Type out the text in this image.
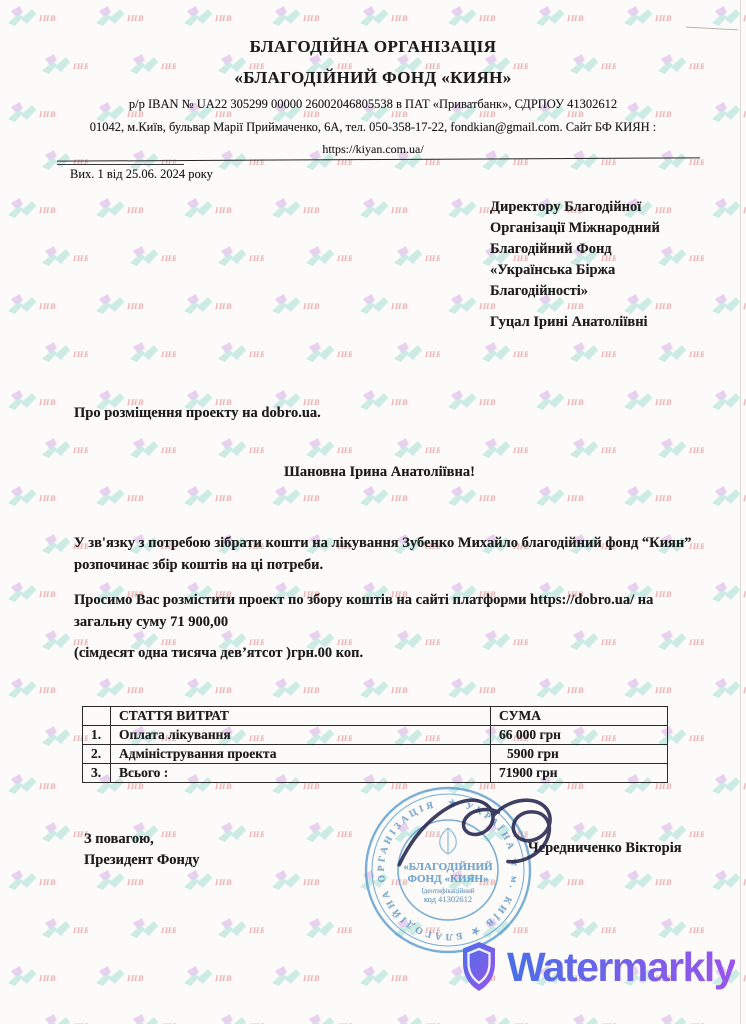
БЛАГОДІЙНА ОРГАНІЗАЦІЯ
«БЛАГОДІЙНИЙ ФОНД «КИЯН»
р/р IBAN № UA22 305299 00000 26002046805538 в ПАТ «Приватбанк», СДРПОУ 41302612
01042, м.Київ, бульвар Марії Приймаченко, 6А, тел. 050-358-17-22, fondkian@gmail.com. Сайт БФ КИЯН :
https://kiyan.com.ua/
Вих. 1 від 25.06. 2024 року
Директору Благодійної
Організації Міжнародний
Благодійний Фонд
«Українська Біржа
Благодійності»
Гуцал Ірині Анатоліївні
Про розміщення проекту на dobro.ua.
Шановна Ірина Анатоліївна!
У зв'язку з потребою зібрати кошти на лікування Зубенко Михайло благодійний фонд “Киян” розпочинає збір коштів на ці потреби.
Просимо Вас розмістити проект по збору коштів на сайті платформи https://dobro.ua/ на загальну суму 71 900,00
(сімдесят одна тисяча дев’ятсот )грн.00 коп.
	СТАТТЯ ВИТРАТ	СУМА
1.	Оплата лікування	66 000 грн
2.	Адміністрування проекта	5900 грн
3.	Всього :	71900 грн
З повагою,
Президент Фонду
Чередниченко Вікторія
★ УКРАЇНА ★ м. КИЇВ ★ БЛАГОДІЙНА ОРГАНІЗАЦІЯ
«БЛАГОДІЙНИЙ
ФОНД «КИЯН»
Ідентифікаційний
код 41302612
Watermarkly
